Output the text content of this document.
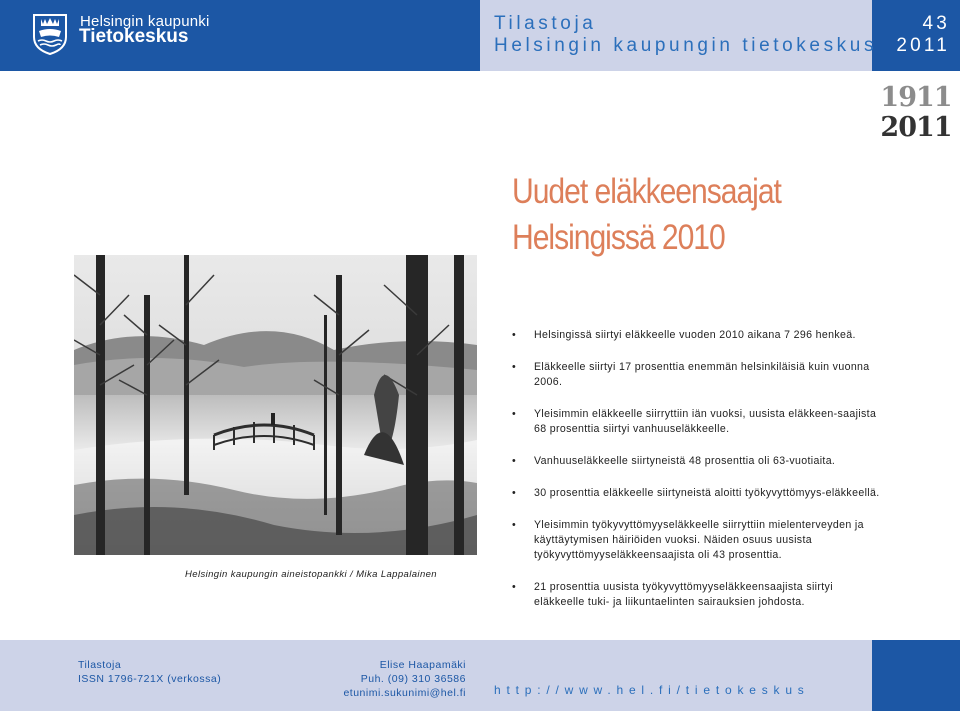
Helsingin kaupunki
Tietokeskus
Tilastoja
Helsingin kaupungin tietokeskus
43
2011
1911
2011
Uudet eläkkeensaajat
Helsingissä 2010
Helsingin kaupungin aineistopankki / Mika Lappalainen
• Helsingissä siirtyi eläkkeelle vuoden 2010 aikana 7 296 henkeä.
• Eläkkeelle siirtyi 17 prosenttia enemmän helsinkiläisiä kuin vuonna 2006.
• Yleisimmin eläkkeelle siirryttiin iän vuoksi, uusista eläkkeen-saajista 68 prosenttia siirtyi vanhuuseläkkeelle.
• Vanhuuseläkkeelle siirtyneistä 48 prosenttia oli 63-vuotiaita.
• 30 prosenttia eläkkeelle siirtyneistä aloitti työkyvyttömyys-eläkkeellä.
• Yleisimmin työkyvyttömyyseläkkeelle siirryttiin mielenterveyden ja käyttäytymisen häiriöiden vuoksi. Näiden osuus uusista työkyvyttömyyseläkkeensaajista oli 43 prosenttia.
• 21 prosenttia uusista työkyvyttömyyseläkkeensaajista siirtyi eläkkeelle tuki- ja liikuntaelinten sairauksien johdosta.
Tilastoja
ISSN 1796-721X (verkossa)
Elise Haapamäki
Puh. (09) 310 36586
etunimi.sukunimi@hel.fi http://www.hel.fi/tietokeskus
